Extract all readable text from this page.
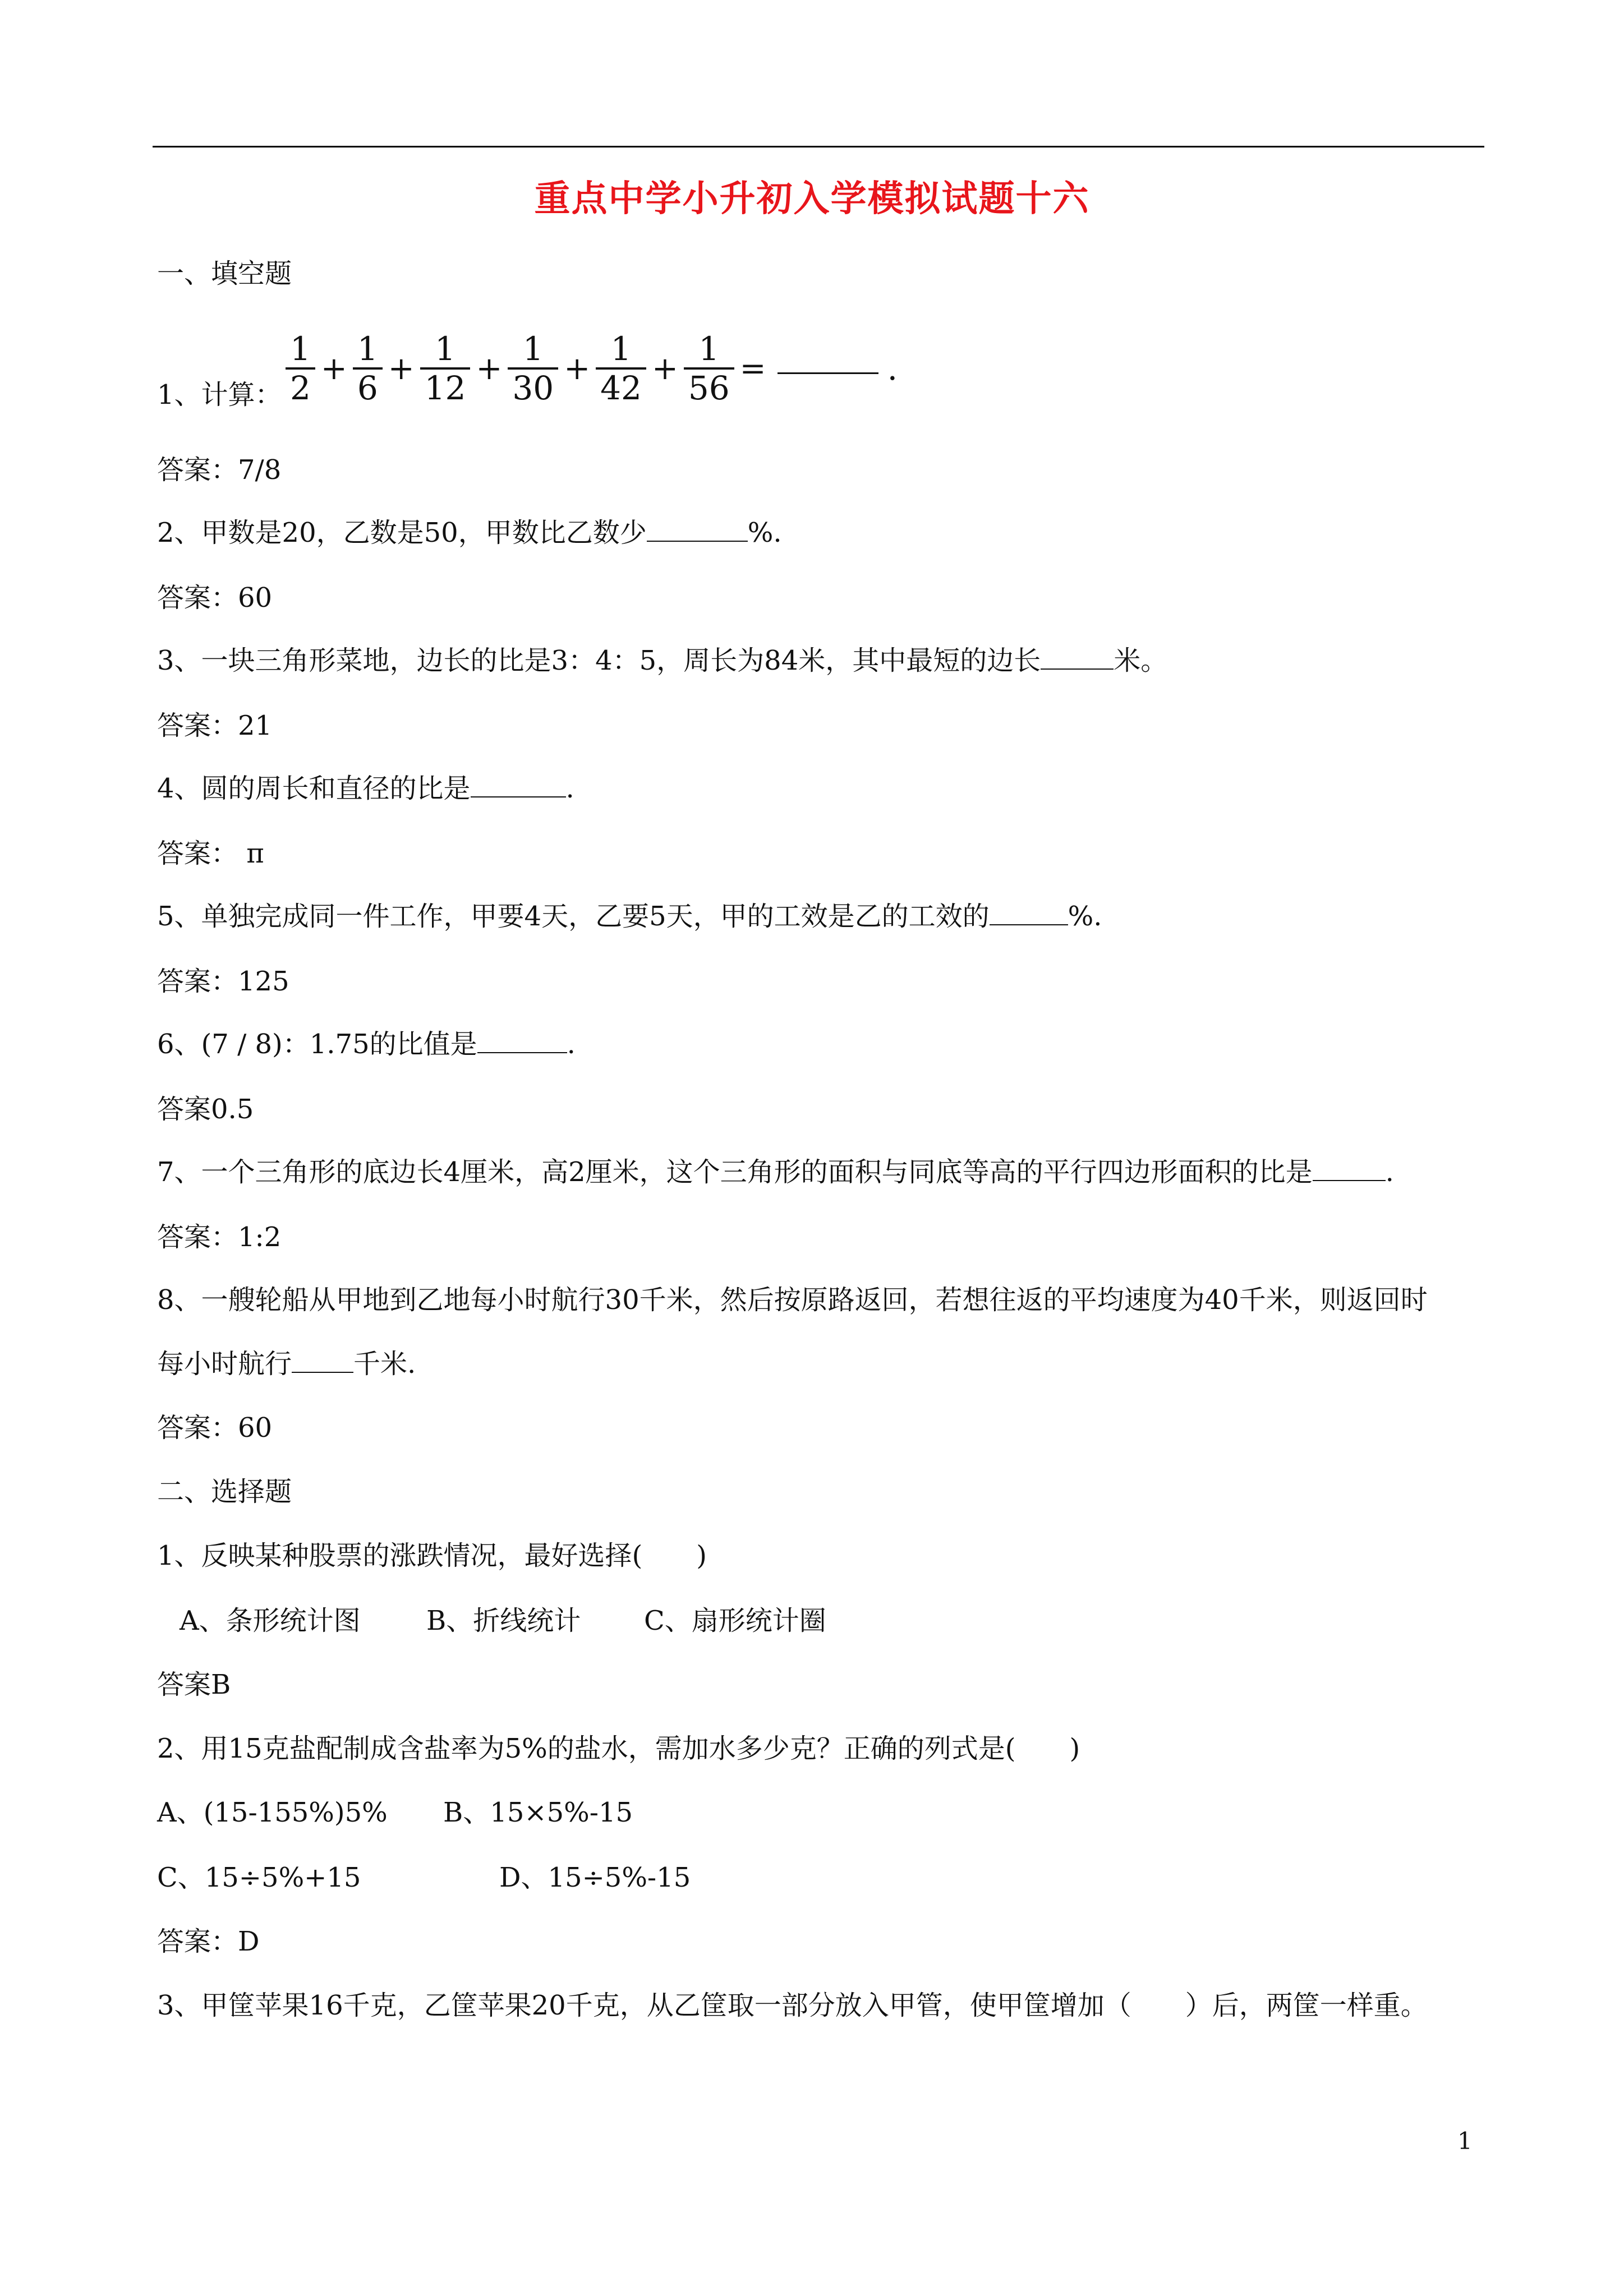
重点中学小升初入学模拟试题十六
一、填空题
1、计算： $\frac{1}{2} + \frac{1}{6} + \frac{1}{12} + \frac{1}{30} + \frac{1}{42} + \frac{1}{56}$ =	.
答案：7/8
2、甲数是20，乙数是50，甲数比乙数少	%.
答案：60
3、一块三角形菜地，边长的比是3：4：5，周长为84米，其中最短的边长	米。
答案：21
4、圆的周长和直径的比是	.
答案： π
5、单独完成同一件工作，甲要4天，乙要5天，甲的工效是乙的工效的	%.
答案：125
6、(7 / 8)：1.75的比值是	.
答案0.5
7、一个三角形的底边长4厘米，高2厘米，这个三角形的面积与同底等高的平行四边形面积的比是	.
答案：1:2
8、一艘轮船从甲地到乙地每小时航行30千米，然后按原路返回，若想往返的平均速度为40千米，则返回时
每小时航行 千米.
答案：60
二、选择题
1、反映某种股票的涨跌情况，最好选择(　　)
A、条形统计图 B、折线统计 C、扇形统计圈
答案B
2、用15克盐配制成含盐率为5%的盐水，需加水多少克？正确的列式是(　　)
A、(15-155%)5% B、15×5%-15
C、15÷5%+15	D、15÷5%-15
答案：D
3、甲筐苹果16千克，乙筐苹果20千克，从乙筐取一部分放入甲管，使甲筐增加（　　）后，两筐一样重。
1
